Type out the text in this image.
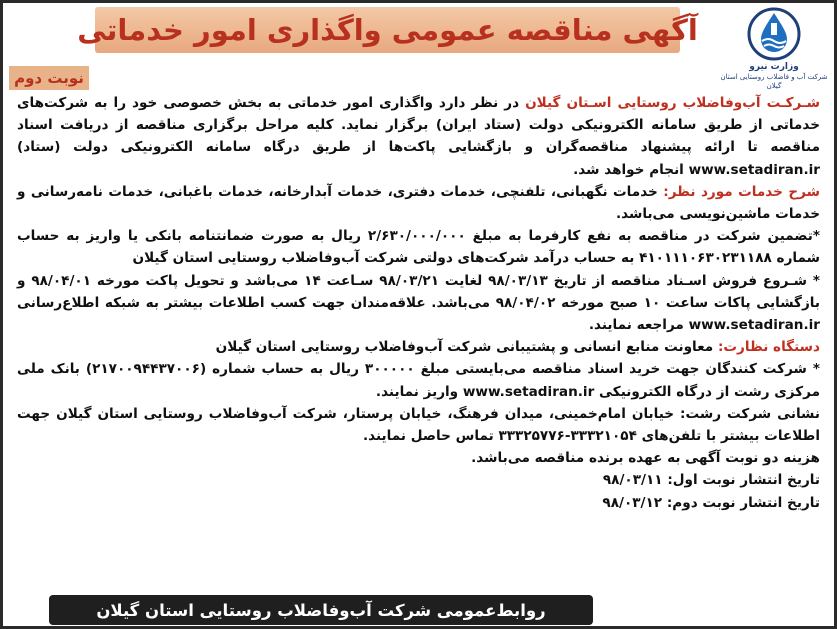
آگهی مناقصه عمومی واگذاری امور خدماتی
وزارت نیرو
شرکت آب و فاضلاب روستایی استان گیلان
نوبت دوم

شـرکـت آب‌وفاضلاب روستایی اسـتان گیلان در نظر دارد واگذاری امور خدماتی به بخش خصوصی خود را به شرکت‌های خدماتی از طریق سامانه الکترونیکی دولت (ستاد ایران) برگزار نماید. کلیه مراحل برگزاری مناقصه از دریافت اسناد مناقصه تا ارائه پیشنهاد مناقصه‌گران و بازگشایی پاکت‌ها از طریق درگاه سامانه الکترونیکی دولت (ستاد) www.setadiran.ir انجام خواهد شد.

شرح خدمات مورد نظر: خدمات نگهبانی، تلفنچی، خدمات دفتری، خدمات آبدارخانه، خدمات باغبانی، خدمات نامه‌رسانی و خدمات ماشین‌نویسی می‌باشد.

*تضمین شرکت در مناقصه به نفع کارفرما به مبلغ ۲/۶۳۰/۰۰۰/۰۰۰ ریال به صورت ضمانتنامه بانکی یا واریز به حساب شماره ۴۱۰۱۱۱۰۶۳۰۲۳۱۱۸۸ به حساب درآمد شرکت‌های دولتی شرکت آب‌وفاضلاب روستایی استان گیلان

* شـروع فروش اسـناد مناقصه از تاریخ ۹۸/۰۳/۱۳ لغایت ۹۸/۰۳/۲۱ سـاعت ۱۴ می‌باشد و تحویل پاکت مورخه ۹۸/۰۴/۰۱ و بازگشایی پاکات ساعت ۱۰ صبح مورخه ۹۸/۰۴/۰۲ می‌باشد. علاقه‌مندان جهت کسب اطلاعات بیشتر به شبکه اطلاع‌رسانی www.setadiran.ir مراجعه نمایند.

دستگاه نظارت: معاونت منابع انسانی و پشتیبانی شرکت آب‌وفاضلاب روستایی استان گیلان

* شرکت کنندگان جهت خرید اسناد مناقصه می‌بایستی مبلغ ۳۰۰۰۰۰ ریال به حساب شماره (۲۱۷۰۰۹۴۴۳۷۰۰۶) بانک ملی مرکزی رشت از درگاه الکترونیکی www.setadiran.ir واریز نمایند.

نشانی شرکت رشت: خیابان امام‌خمینی، میدان فرهنگ، خیابان پرستار، شرکت آب‌وفاضلاب روستایی استان گیلان جهت اطلاعات بیشتر با تلفن‌های ۳۳۳۲۱۰۵۴-۳۳۳۲۵۷۷۶ تماس حاصل نمایند.

هزینه دو نوبت آگهی به عهده برنده مناقصه می‌باشد.

تاریخ انتشار نوبت اول: ۹۸/۰۳/۱۱

تاریخ انتشار نوبت دوم: ۹۸/۰۳/۱۲

روابط‌عمومی شرکت آب‌وفاضلاب روستایی استان گیلان
